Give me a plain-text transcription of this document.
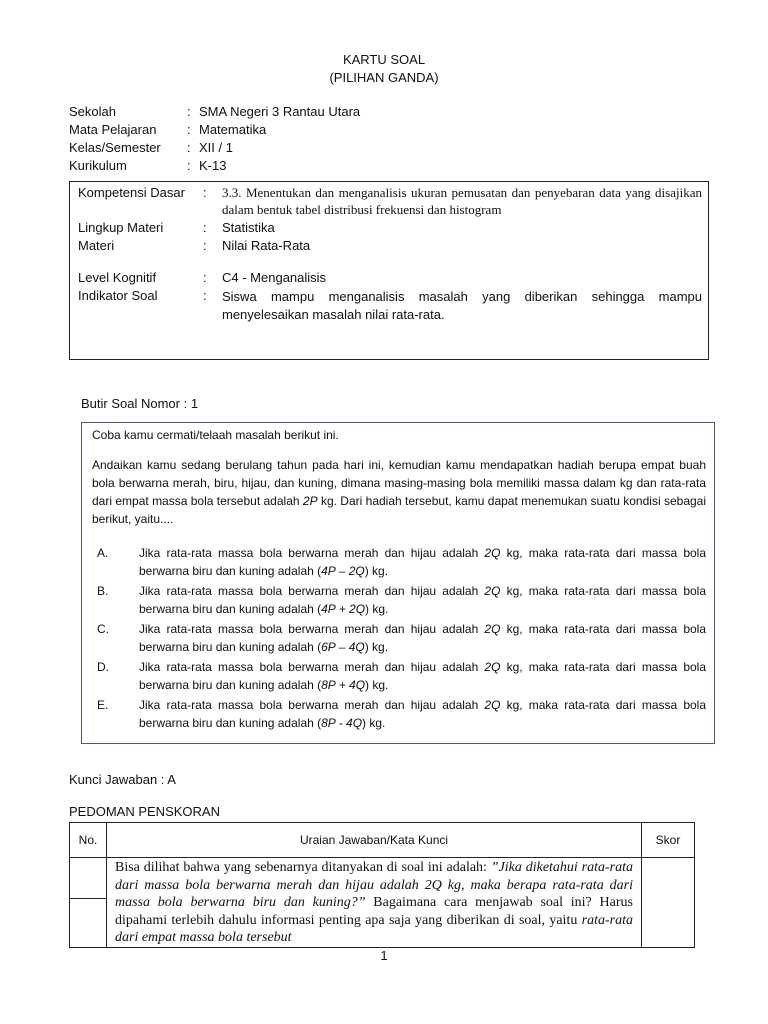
KARTU SOAL
(PILIHAN GANDA)
Sekolah	: SMA Negeri 3 Rantau Utara
Mata Pelajaran	: Matematika
Kelas/Semester	: XII / 1
Kurikulum	: K-13
Kompetensi Dasar : 3.3. Menentukan dan menganalisis ukuran pemusatan dan penyebaran data yang disajikan dalam bentuk tabel distribusi frekuensi dan histogram
Lingkup Materi	: Statistika
Materi	: Nilai Rata-Rata
Level Kognitif	: C4 - Menganalisis
Indikator Soal	: Siswa mampu menganalisis masalah yang diberikan sehingga mampu menyelesaikan masalah nilai rata-rata.
Butir Soal Nomor : 1
Coba kamu cermati/telaah masalah berikut ini.
Andaikan kamu sedang berulang tahun pada hari ini, kemudian kamu mendapatkan hadiah berupa empat buah bola berwarna merah, biru, hijau, dan kuning, dimana masing-masing bola memiliki massa dalam kg dan rata-rata dari empat massa bola tersebut adalah 2P kg. Dari hadiah tersebut, kamu dapat menemukan suatu kondisi sebagai berikut, yaitu....
A.	Jika rata-rata massa bola berwarna merah dan hijau adalah 2Q kg, maka rata-rata dari massa bola berwarna biru dan kuning adalah (4P – 2Q) kg.
B.	Jika rata-rata massa bola berwarna merah dan hijau adalah 2Q kg, maka rata-rata dari massa bola berwarna biru dan kuning adalah (4P + 2Q) kg.
C.	Jika rata-rata massa bola berwarna merah dan hijau adalah 2Q kg, maka rata-rata dari massa bola berwarna biru dan kuning adalah (6P – 4Q) kg.
D.	Jika rata-rata massa bola berwarna merah dan hijau adalah 2Q kg, maka rata-rata dari massa bola berwarna biru dan kuning adalah (8P + 4Q) kg.
E.	Jika rata-rata massa bola berwarna merah dan hijau adalah 2Q kg, maka rata-rata dari massa bola berwarna biru dan kuning adalah (8P - 4Q) kg.
Kunci Jawaban : A
PEDOMAN PENSKORAN
No.	Uraian Jawaban/Kata Kunci	Skor

	Bisa dilihat bahwa yang sebenarnya ditanyakan di soal ini adalah: ”Jika diketahui rata-rata dari massa bola berwarna merah dan hijau adalah 2Q kg, maka berapa rata-rata dari massa bola berwarna biru dan kuning?” Bagaimana cara menjawab soal ini? Harus dipahami terlebih dahulu informasi penting apa saja yang diberikan di soal, yaitu rata-rata dari empat massa bola tersebut	

1
